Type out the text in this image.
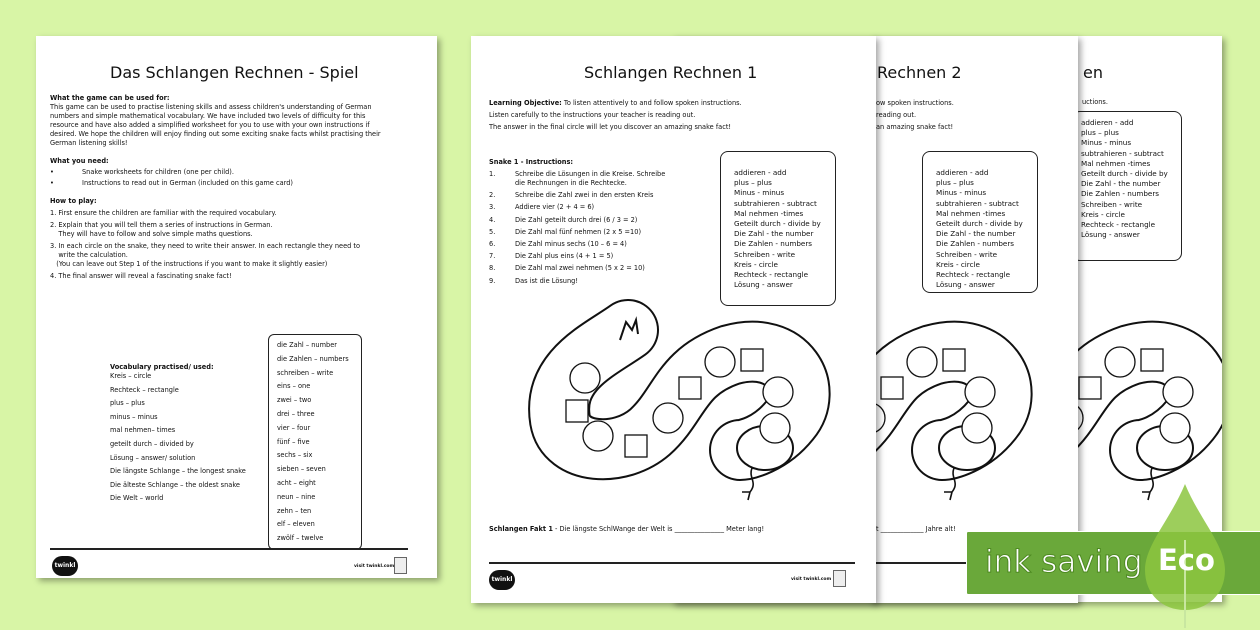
en
uctions.
addieren - add
plus – plus
Minus - minus
subtrahieren - subtract
Mal nehmen -times
Geteilt durch - divide by
Die Zahl - the number
Die Zahlen - numbers
Schreiben - write
Kreis - circle
Rechteck - rectangle
Lösung - answer
Rechnen 2
ow spoken instructions.
reading out.
an amazing snake fact!
addieren - add
plus – plus
Minus - minus
subtrahieren - subtract
Mal nehmen -times
Geteilt durch - divide by
Die Zahl - the number
Die Zahlen - numbers
Schreiben - write
Kreis - circle
Rechteck - rectangle
Lösung - answer
t _____________ Jahre alt!
Das Schlangen Rechnen - Spiel
What the game can be used for:
This game can be used to practise listening skills and assess children's understanding of German
numbers and simple mathematical vocabulary. We have included two levels of difficulty for this
resource and have also added a simplified worksheet for you to use with your own instructions if
desired. We hope the children will enjoy finding out some exciting snake facts whilst practising their
German listening skills!
What you need:
•	Snake worksheets for children (one per child).
•	Instructions to read out in German (included on this game card)
How to play:
1. First ensure the children are familiar with the required vocabulary.
2. Explain that you will tell them a series of instructions in German.
They will have to follow and solve simple maths questions.
3. In each circle on the snake, they need to write their answer. In each rectangle they need to
write the calculation.
(You can leave out Step 1 of the instructions if you want to make it slightly easier)
4. The final answer will reveal a fascinating snake fact!
Vocabulary practised/ used:
Kreis – circle
Rechteck – rectangle
plus – plus
minus – minus
mal nehmen– times
geteilt durch – divided by
Lösung – answer/ solution
Die längste Schlange – the longest snake
Die älteste Schlange – the oldest snake
Die Welt – world
die Zahl – number
die Zahlen – numbers
schreiben – write
eins – one
zwei – two
drei – three
vier – four
fünf – five
sechs – six
sieben – seven
acht – eight
neun – nine
zehn – ten
elf – eleven
zwölf – twelve
twinkl	visit twinkl.com
Schlangen Rechnen 1
Learning Objective: To listen attentively to and follow spoken instructions.
Listen carefully to the instructions your teacher is reading out.
The answer in the final circle will let you discover an amazing snake fact!
Snake 1 - Instructions:
1.	Schreibe die Lösungen in die Kreise. Schreibe
die Rechnungen in die Rechtecke.
2.	Schreibe die Zahl zwei in den ersten Kreis
3.	Addiere vier (2 + 4 = 6)
4.	Die Zahl geteilt durch drei (6 / 3 = 2)
5.	Die Zahl mal fünf nehmen (2 x 5 =10)
6.	Die Zahl minus sechs (10 – 6 = 4)
7.	Die Zahl plus eins (4 + 1 = 5)
8.	Die Zahl mal zwei nehmen (5 x 2 = 10)
9.	Das ist die Lösung!
addieren - add
plus – plus
Minus - minus
subtrahieren - subtract
Mal nehmen -times
Geteilt durch - divide by
Die Zahl - the number
Die Zahlen - numbers
Schreiben - write
Kreis - circle
Rechteck - rectangle
Lösung - answer
Schlangen Fakt 1 - Die längste SchlWange der Welt is _______________ Meter lang!
twinkl	visit twinkl.com	ink saving Eco
